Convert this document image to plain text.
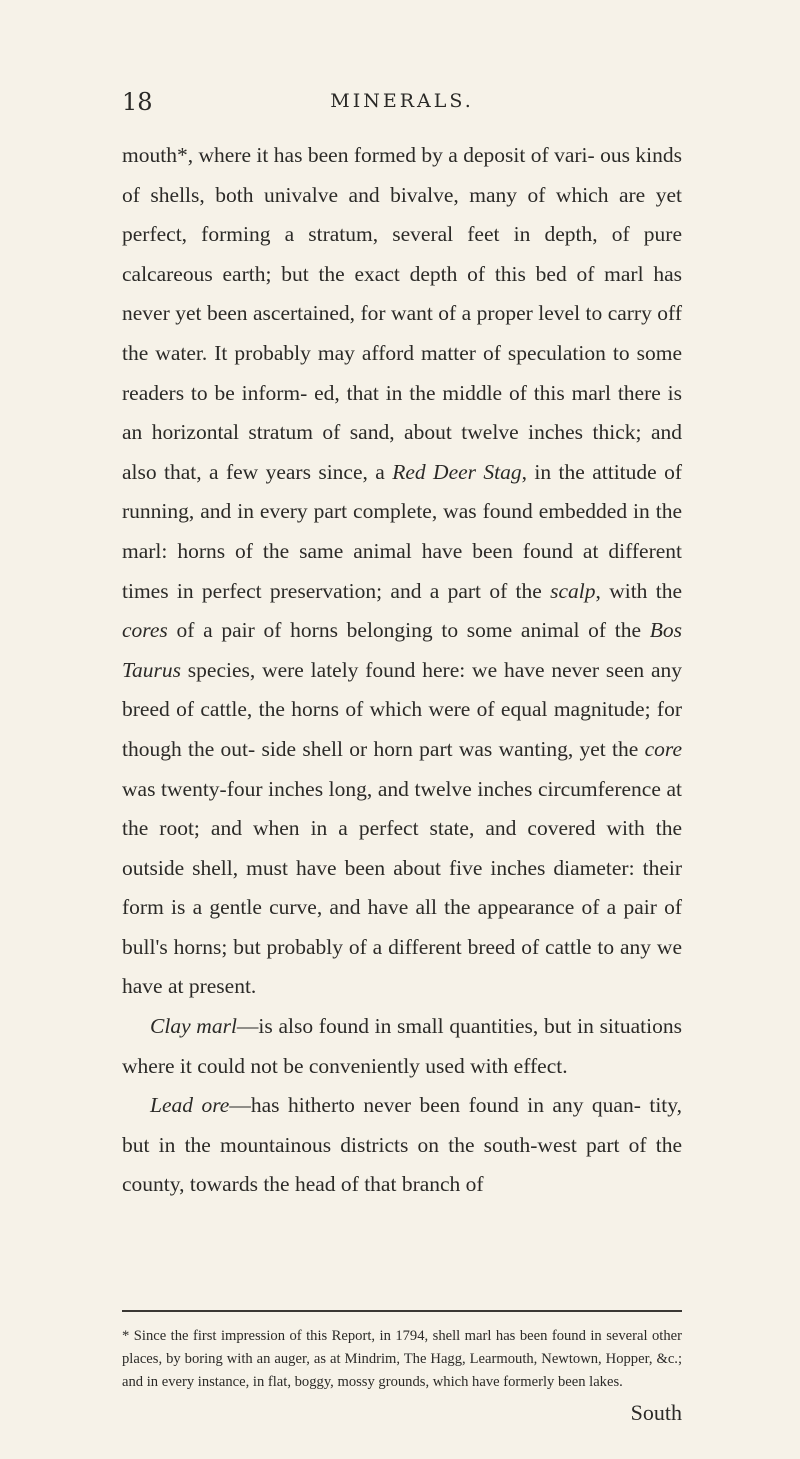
18	MINERALS.

mouth*, where it has been formed by a deposit of vari- ous kinds of shells, both univalve and bivalve, many of which are yet perfect, forming a stratum, several feet in depth, of pure calcareous earth; but the exact depth of this bed of marl has never yet been ascertained, for want of a proper level to carry off the water. It probably may afford matter of speculation to some readers to be inform- ed, that in the middle of this marl there is an horizontal stratum of sand, about twelve inches thick; and also that, a few years since, a Red Deer Stag, in the attitude of running, and in every part complete, was found embedded in the marl: horns of the same animal have been found at different times in perfect preservation; and a part of the scalp, with the cores of a pair of horns belonging to some animal of the Bos Taurus species, were lately found here: we have never seen any breed of cattle, the horns of which were of equal magnitude; for though the out- side shell or horn part was wanting, yet the core was twenty-four inches long, and twelve inches circumference at the root; and when in a perfect state, and covered with the outside shell, must have been about five inches diameter: their form is a gentle curve, and have all the appearance of a pair of bull's horns; but probably of a different breed of cattle to any we have at present.

Clay marl—is also found in small quantities, but in situations where it could not be conveniently used with effect.

Lead ore—has hitherto never been found in any quan- tity, but in the mountainous districts on the south-west part of the county, towards the head of that branch of

* Since the first impression of this Report, in 1794, shell marl has been found in several other places, by boring with an auger, as at Mindrim, The Hagg, Learmouth, Newtown, Hopper, &c.; and in every instance, in flat, boggy, mossy grounds, which have formerly been lakes.
South
